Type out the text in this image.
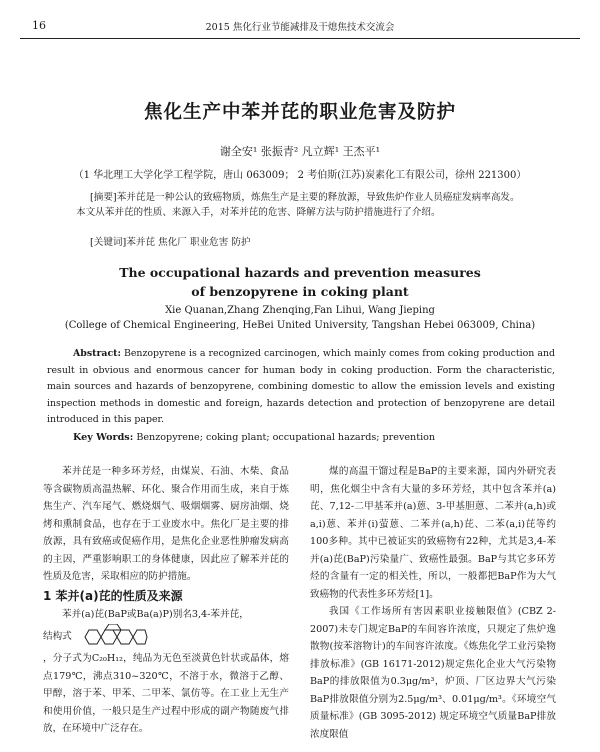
16	2015 焦化行业节能减排及干熄焦技术交流会
焦化生产中苯并芘的职业危害及防护
谢全安¹ 张振青² 凡立辉¹ 王杰平¹
（1 华北理工大学化学工程学院，唐山 063009； 2 考伯斯(江苏)炭素化工有限公司，徐州 221300）

[摘要]苯并芘是一种公认的致癌物质，炼焦生产是主要的释放源，导致焦炉作业人员癌症发病率高发。本文从苯并芘的性质、来源入手，对苯并芘的危害、降解方法与防护措施进行了介绍。

[关键词]苯并芘 焦化厂 职业危害 防护
The occupational hazards and prevention measures
of benzopyrene in coking plant
Xie Quanan,Zhang Zhenqing,Fan Lihui, Wang Jieping
(College of Chemical Engineering, HeBei United University, Tangshan Hebei 063009, China)

Abstract: Benzopyrene is a recognized carcinogen, which mainly comes from coking production and result in obvious and enormous cancer for human body in coking production. Form the characteristic, main sources and hazards of benzopyrene, combining domestic to allow the emission levels and existing inspection methods in domestic and foreign, hazards detection and protection of benzopyrene are detail introduced in this paper.

Key Words: Benzopyrene; coking plant; occupational hazards; prevention

苯并芘是一种多环芳烃，由煤炭、石油、木柴、食品等含碳物质高温热解、环化、聚合作用而生成，来自于炼焦生产、汽车尾气、燃烧烟气、吸烟烟雾、厨房油烟、烧烤和熏制食品，也存在于工业废水中。焦化厂是主要的排放源，具有致癌或促癌作用，是焦化企业恶性肿瘤发病高的主因，严重影响职工的身体健康，因此应了解苯并芘的性质及危害，采取相应的防护措施。

1 苯并(a)芘的性质及来源

苯并(a)芘(BaP或Ba(a)P)别名3,4-苯并芘，

结构式

，分子式为C₂₀H₁₂，纯品为无色至淡黄色针状或晶体，熔点179℃，沸点310~320℃，不溶于水，微溶于乙醇、甲醇，溶于苯、甲苯、二甲苯、氯仿等。在工业上无生产和使用价值，一般只是生产过程中形成的副产物随废气排放，在环境中广泛存在。

煤的高温干馏过程是BaP的主要来源，国内外研究表明，焦化烟尘中含有大量的多环芳烃，其中包含苯并(a)芘、7,12-二甲基苯并(a)蒽、3-甲基胆蒽、二苯并(a,h)或a,i)蒽、苯并(i)萤蒽、二苯并(a,h)芘、二苯(a,i)芘等约100多种。其中已被证实的致癌物有22种，尤其是3,4-苯并(a)芘(BaP)污染量广、致癌性最强。BaP与其它多环芳烃的含量有一定的相关性，所以，一般都把BaP作为大气致癌物的代表性多环芳烃[1]。

我国《工作场所有害因素职业接触限值》(CBZ 2-2007)未专门规定BaP的车间容许浓度，只规定了焦炉逸散物(按苯溶物计)的车间容许浓度。《炼焦化学工业污染物排放标准》(GB 16171-2012)规定焦化企业大气污染物BaP的排放限值为0.3μg/m³，炉顶、厂区边界大气污染BaP排放限值分别为2.5μg/m³、0.01μg/m³。《环境空气质量标准》(GB 3095-2012) 规定环境空气质量BaP排放浓度限值
